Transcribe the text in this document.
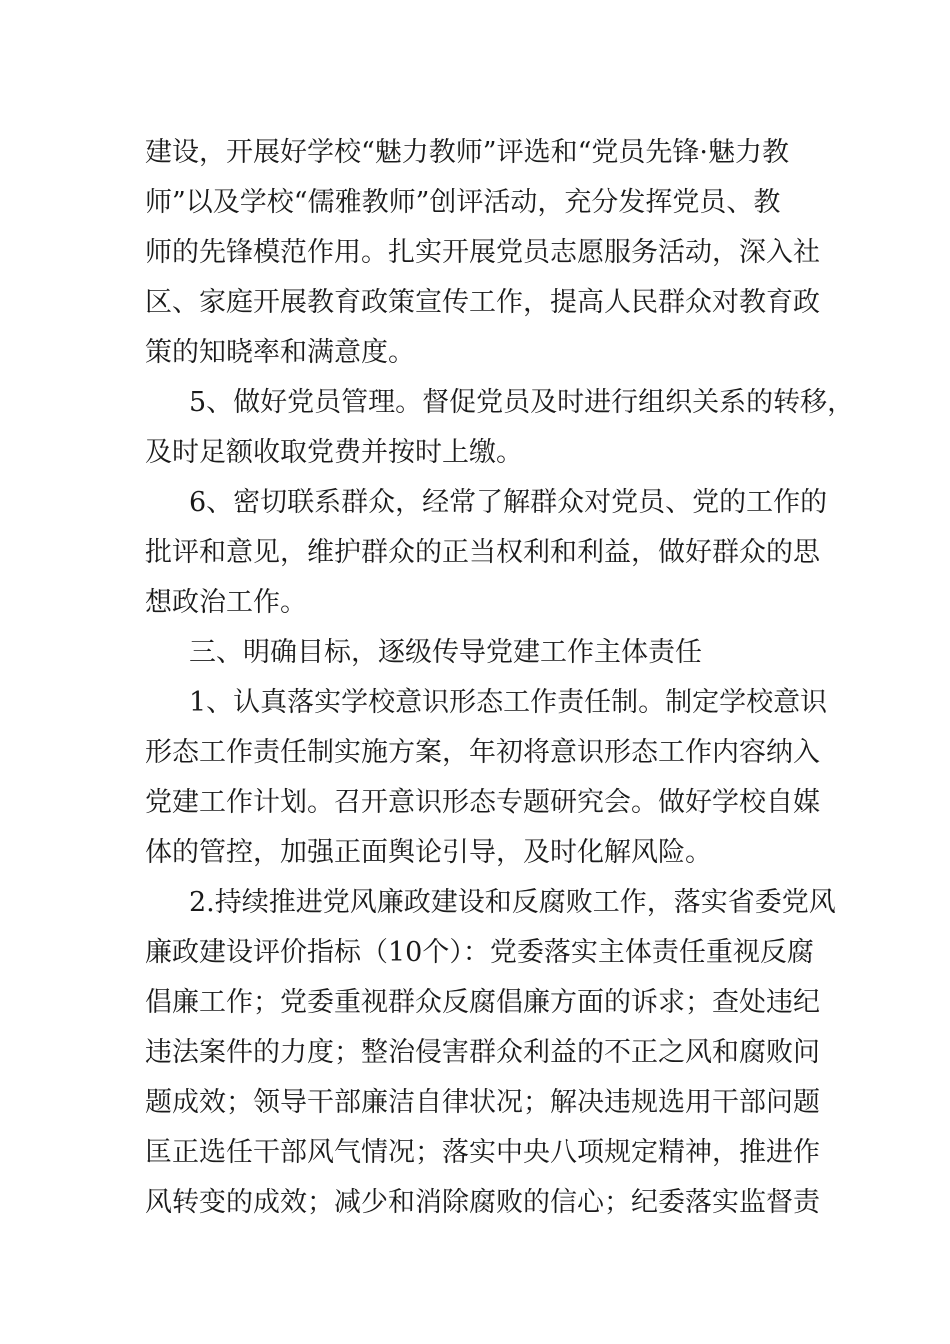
建设，开展好学校“魅力教师”评选和“党员先锋·魅力教
师”以及学校“儒雅教师”创评活动，充分发挥党员、教
师的先锋模范作用。扎实开展党员志愿服务活动，深入社
区、家庭开展教育政策宣传工作，提高人民群众对教育政
策的知晓率和满意度。
5、做好党员管理。督促党员及时进行组织关系的转移，
及时足额收取党费并按时上缴。
6、密切联系群众，经常了解群众对党员、党的工作的
批评和意见，维护群众的正当权利和利益，做好群众的思
想政治工作。
三、明确目标，逐级传导党建工作主体责任
1、认真落实学校意识形态工作责任制。制定学校意识
形态工作责任制实施方案，年初将意识形态工作内容纳入
党建工作计划。召开意识形态专题研究会。做好学校自媒
体的管控，加强正面舆论引导，及时化解风险。
2.持续推进党风廉政建设和反腐败工作，落实省委党风
廉政建设评价指标（10个）：党委落实主体责任重视反腐
倡廉工作；党委重视群众反腐倡廉方面的诉求；查处违纪
违法案件的力度；整治侵害群众利益的不正之风和腐败问
题成效；领导干部廉洁自律状况；解决违规选用干部问题
匡正选任干部风气情况；落实中央八项规定精神，推进作
风转变的成效；减少和消除腐败的信心；纪委落实监督责
